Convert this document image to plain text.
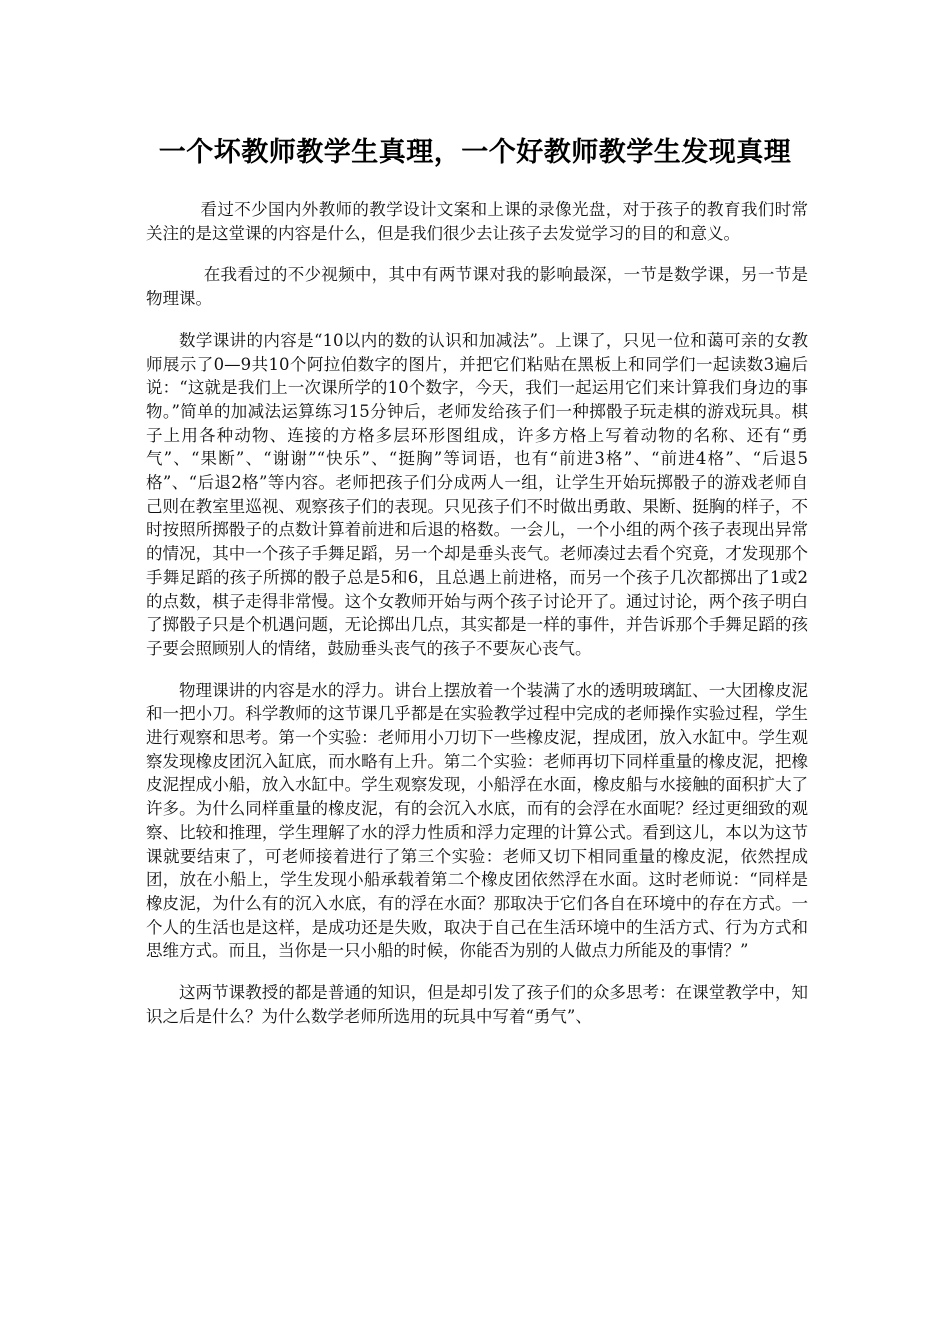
一个坏教师教学生真理，一个好教师教学生发现真理

看过不少国内外教师的教学设计文案和上课的录像光盘，对于孩子的教育我们时常关注的是这堂课的内容是什么，但是我们很少去让孩子去发觉学习的目的和意义。

在我看过的不少视频中，其中有两节课对我的影响最深，一节是数学课，另一节是物理课。

数学课讲的内容是“10以内的数的认识和加减法”。上课了，只见一位和蔼可亲的女教师展示了0—9共10个阿拉伯数字的图片，并把它们粘贴在黑板上和同学们一起读数3遍后说：“这就是我们上一次课所学的10个数字，今天，我们一起运用它们来计算我们身边的事物。”简单的加减法运算练习15分钟后，老师发给孩子们一种掷骰子玩走棋的游戏玩具。棋子上用各种动物、连接的方格多层环形图组成，许多方格上写着动物的名称、还有“勇气”、“果断”、“谢谢”“快乐”、“挺胸”等词语，也有“前进3格”、“前进4格”、“后退5格”、“后退2格”等内容。老师把孩子们分成两人一组，让学生开始玩掷骰子的游戏老师自己则在教室里巡视、观察孩子们的表现。只见孩子们不时做出勇敢、果断、挺胸的样子，不时按照所掷骰子的点数计算着前进和后退的格数。一会儿，一个小组的两个孩子表现出异常的情况，其中一个孩子手舞足蹈，另一个却是垂头丧气。老师凑过去看个究竟，才发现那个手舞足蹈的孩子所掷的骰子总是5和6，且总遇上前进格，而另一个孩子几次都掷出了1或2的点数，棋子走得非常慢。这个女教师开始与两个孩子讨论开了。通过讨论，两个孩子明白了掷骰子只是个机遇问题，无论掷出几点，其实都是一样的事件，并告诉那个手舞足蹈的孩子要会照顾别人的情绪，鼓励垂头丧气的孩子不要灰心丧气。

物理课讲的内容是水的浮力。讲台上摆放着一个装满了水的透明玻璃缸、一大团橡皮泥和一把小刀。科学教师的这节课几乎都是在实验教学过程中完成的老师操作实验过程，学生进行观察和思考。第一个实验：老师用小刀切下一些橡皮泥，捏成团，放入水缸中。学生观察发现橡皮团沉入缸底，而水略有上升。第二个实验：老师再切下同样重量的橡皮泥，把橡皮泥捏成小船，放入水缸中。学生观察发现，小船浮在水面，橡皮船与水接触的面积扩大了许多。为什么同样重量的橡皮泥，有的会沉入水底，而有的会浮在水面呢？经过更细致的观察、比较和推理，学生理解了水的浮力性质和浮力定理的计算公式。看到这儿，本以为这节课就要结束了，可老师接着进行了第三个实验：老师又切下相同重量的橡皮泥，依然捏成团，放在小船上，学生发现小船承载着第二个橡皮团依然浮在水面。这时老师说：“同样是橡皮泥，为什么有的沉入水底，有的浮在水面？那取决于它们各自在环境中的存在方式。一个人的生活也是这样，是成功还是失败，取决于自己在生活环境中的生活方式、行为方式和思维方式。而且，当你是一只小船的时候，你能否为别的人做点力所能及的事情？”

这两节课教授的都是普通的知识，但是却引发了孩子们的众多思考：在课堂教学中，知识之后是什么？为什么数学老师所选用的玩具中写着“勇气”、
